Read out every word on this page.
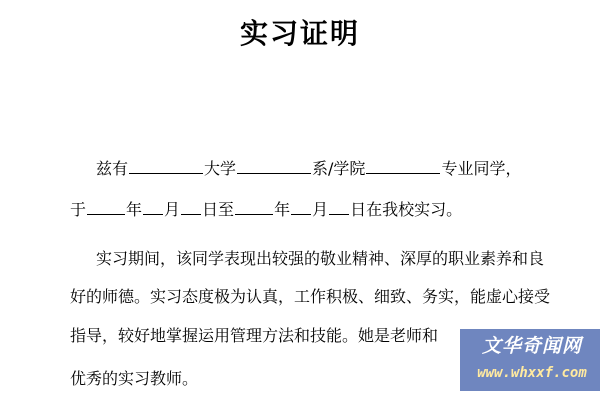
实习证明
兹有	大学	系/学院	专业同学，
于	年 月 日至	年 月 日在我校实习。
实习期间，该同学表现出较强的敬业精神、深厚的职业素养和良
好的师德。实习态度极为认真，工作积极、细致、务实，能虚心接受
指导，较好地掌握运用管理方法和技能。她是老师和
优秀的实习教师。
文华奇闻网
www.whxxf.com
